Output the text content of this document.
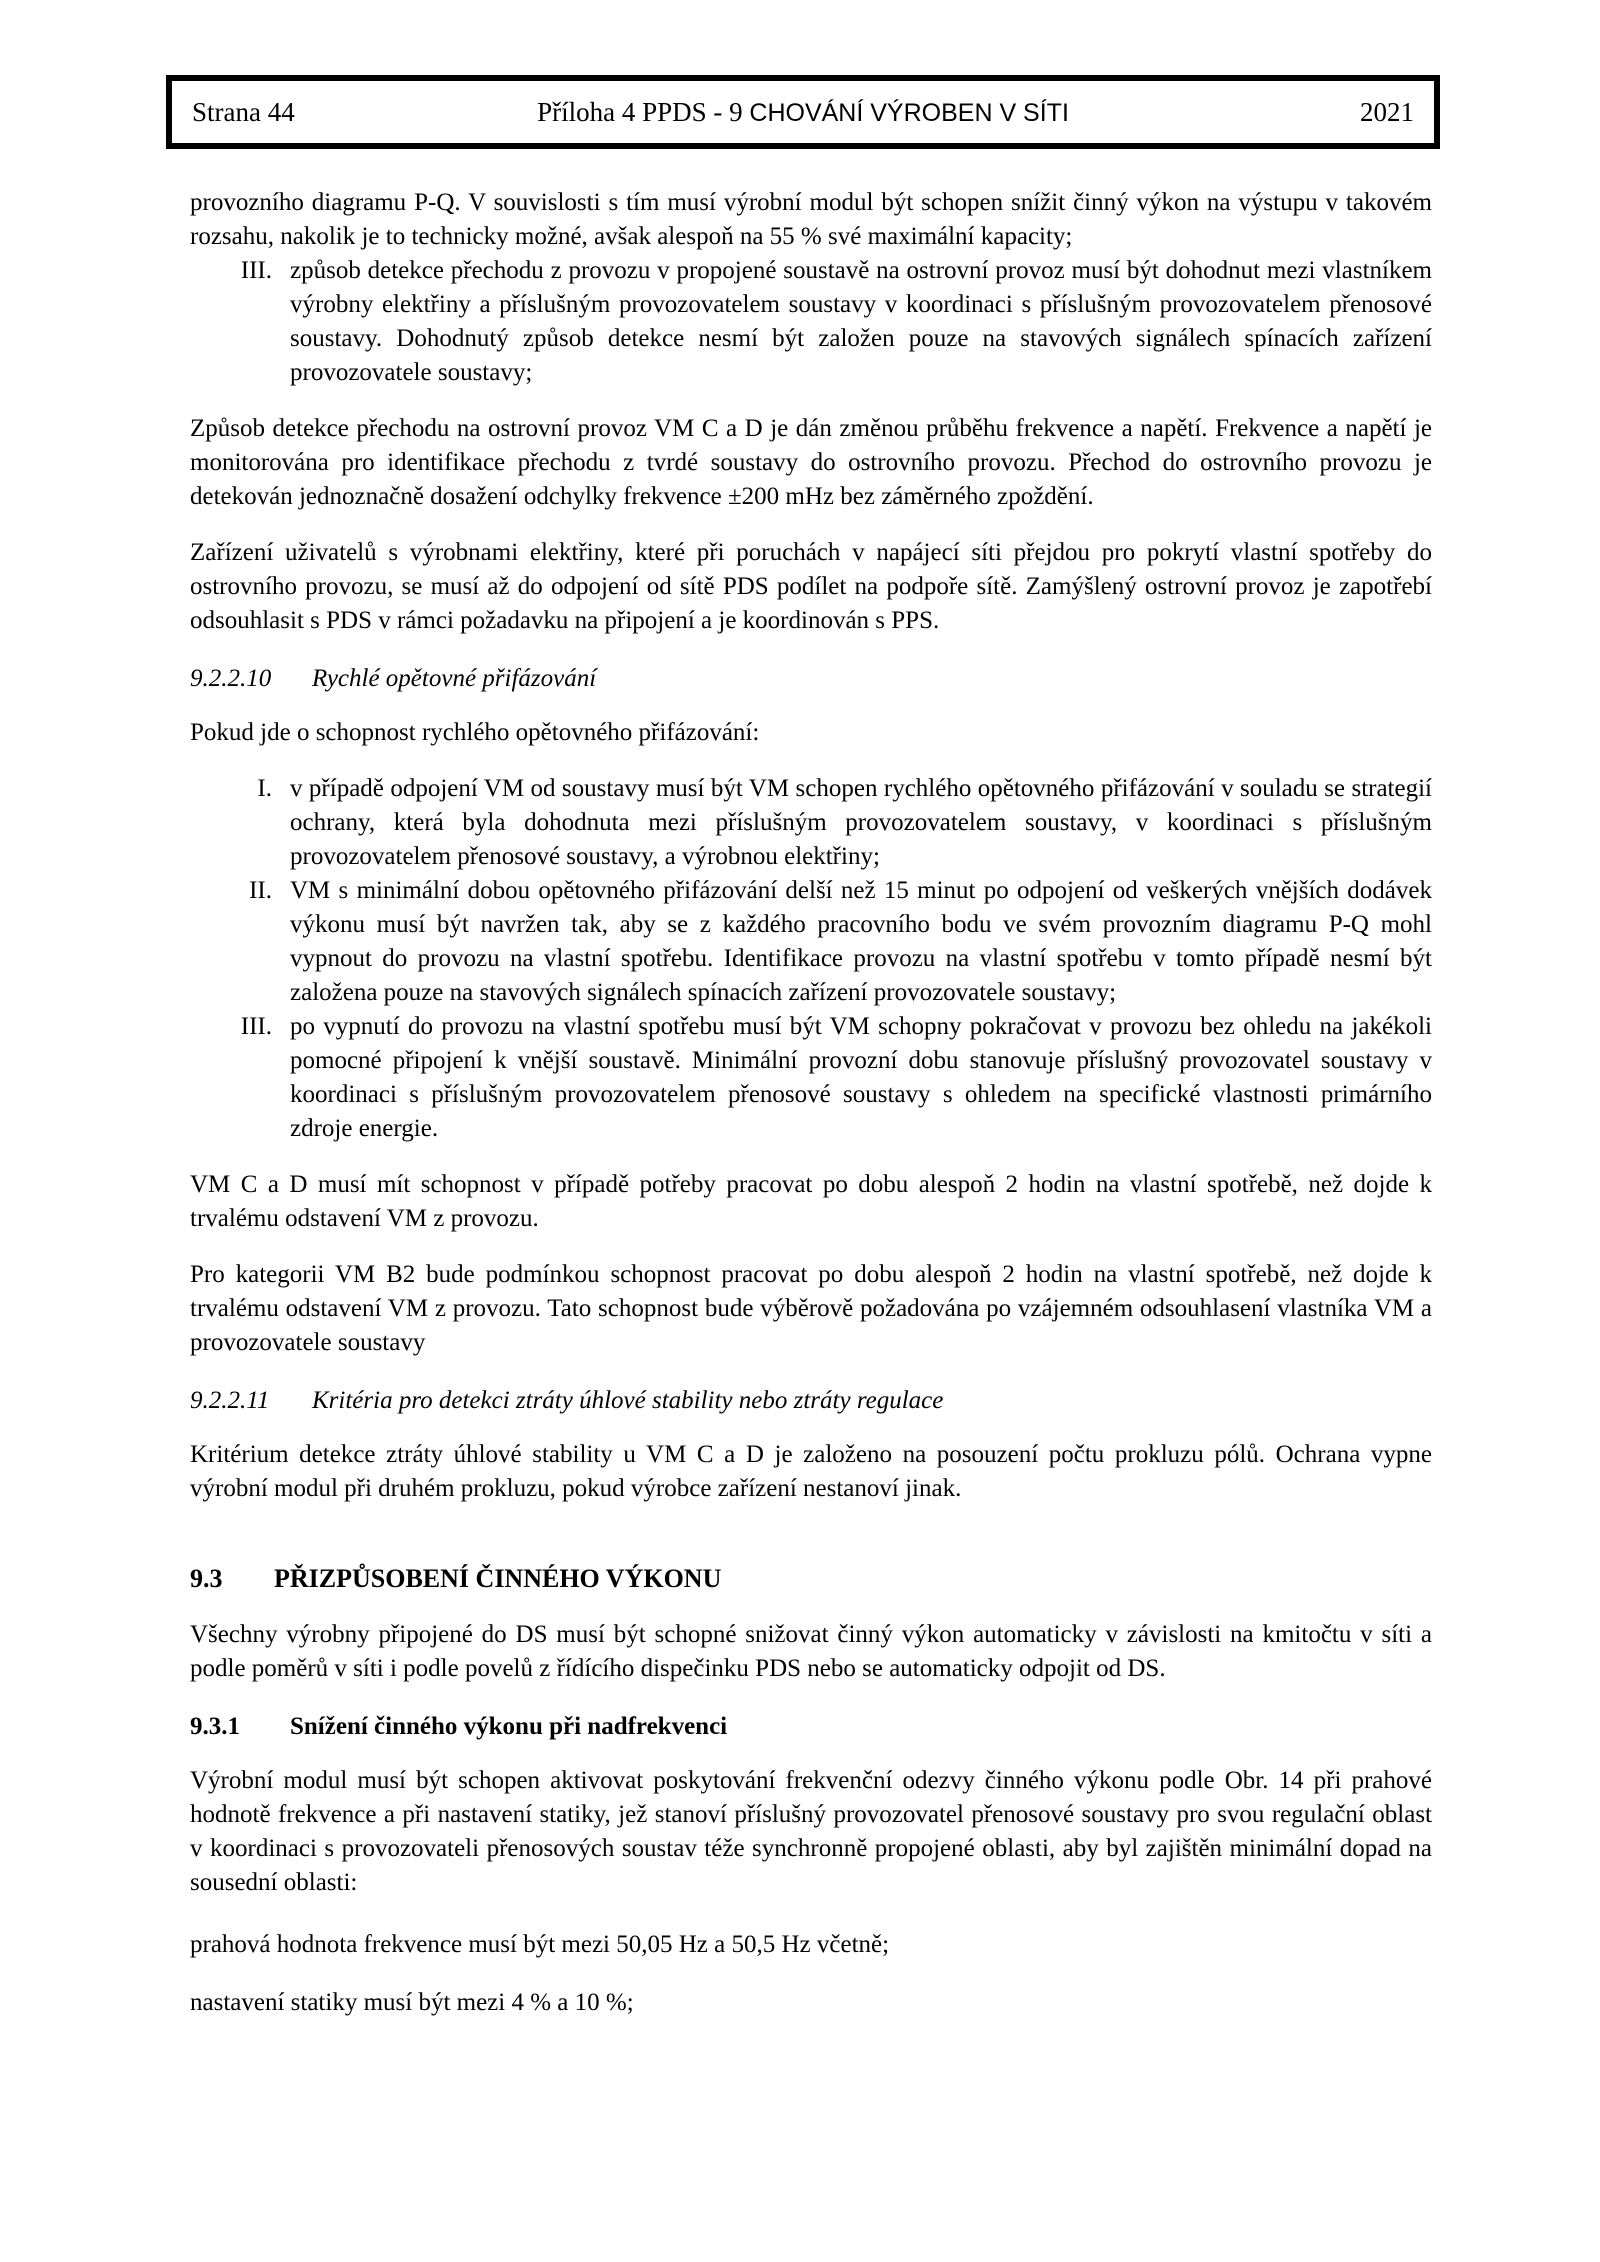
Strana 44	Příloha 4 PPDS - 9 CHOVÁNÍ VÝROBEN V SÍTI	2021
provozního diagramu P-Q. V souvislosti s tím musí výrobní modul být schopen snížit činný výkon na výstupu v takovém rozsahu, nakolik je to technicky možné, avšak alespoň na 55 % své maximální kapacity;
III. způsob detekce přechodu z provozu v propojené soustavě na ostrovní provoz musí být dohodnut mezi vlastníkem výrobny elektřiny a příslušným provozovatelem soustavy v koordinaci s příslušným provozovatelem přenosové soustavy. Dohodnutý způsob detekce nesmí být založen pouze na stavových signálech spínacích zařízení provozovatele soustavy;
Způsob detekce přechodu na ostrovní provoz VM C a D je dán změnou průběhu frekvence a napětí. Frekvence a napětí je monitorována pro identifikace přechodu z tvrdé soustavy do ostrovního provozu. Přechod do ostrovního provozu je detekován jednoznačně dosažení odchylky frekvence ±200 mHz bez záměrného zpoždění.
Zařízení uživatelů s výrobnami elektřiny, které při poruchách v napájecí síti přejdou pro pokrytí vlastní spotřeby do ostrovního provozu, se musí až do odpojení od sítě PDS podílet na podpoře sítě. Zamýšlený ostrovní provoz je zapotřebí odsouhlasit s PDS v rámci požadavku na připojení a je koordinován s PPS.
9.2.2.10 Rychlé opětovné přifázování
Pokud jde o schopnost rychlého opětovného přifázování:
I. v případě odpojení VM od soustavy musí být VM schopen rychlého opětovného přifázování v souladu se strategií ochrany, která byla dohodnuta mezi příslušným provozovatelem soustavy, v koordinaci s příslušným provozovatelem přenosové soustavy, a výrobnou elektřiny;
II. VM s minimální dobou opětovného přifázování delší než 15 minut po odpojení od veškerých vnějších dodávek výkonu musí být navržen tak, aby se z každého pracovního bodu ve svém provozním diagramu P-Q mohl vypnout do provozu na vlastní spotřebu. Identifikace provozu na vlastní spotřebu v tomto případě nesmí být založena pouze na stavových signálech spínacích zařízení provozovatele soustavy;
III. po vypnutí do provozu na vlastní spotřebu musí být VM schopny pokračovat v provozu bez ohledu na jakékoli pomocné připojení k vnější soustavě. Minimální provozní dobu stanovuje příslušný provozovatel soustavy v koordinaci s příslušným provozovatelem přenosové soustavy s ohledem na specifické vlastnosti primárního zdroje energie.
VM C a D musí mít schopnost v případě potřeby pracovat po dobu alespoň 2 hodin na vlastní spotřebě, než dojde k trvalému odstavení VM z provozu.
Pro kategorii VM B2 bude podmínkou schopnost pracovat po dobu alespoň 2 hodin na vlastní spotřebě, než dojde k trvalému odstavení VM z provozu. Tato schopnost bude výběrově požadována po vzájemném odsouhlasení vlastníka VM a provozovatele soustavy
9.2.2.11 Kritéria pro detekci ztráty úhlové stability nebo ztráty regulace
Kritérium detekce ztráty úhlové stability u VM C a D je založeno na posouzení počtu prokluzu pólů. Ochrana vypne výrobní modul při druhém prokluzu, pokud výrobce zařízení nestanoví jinak.
9.3 PŘIZPŮSOBENÍ ČINNÉHO VÝKONU
Všechny výrobny připojené do DS musí být schopné snižovat činný výkon automaticky v závislosti na kmitočtu v síti a podle poměrů v síti i podle povelů z řídícího dispečinku PDS nebo se automaticky odpojit od DS.
9.3.1 Snížení činného výkonu při nadfrekvenci
Výrobní modul musí být schopen aktivovat poskytování frekvenční odezvy činného výkonu podle Obr. 14 při prahové hodnotě frekvence a při nastavení statiky, jež stanoví příslušný provozovatel přenosové soustavy pro svou regulační oblast v koordinaci s provozovateli přenosových soustav téže synchronně propojené oblasti, aby byl zajištěn minimální dopad na sousední oblasti:
prahová hodnota frekvence musí být mezi 50,05 Hz a 50,5 Hz včetně;
nastavení statiky musí být mezi 4 % a 10 %;
